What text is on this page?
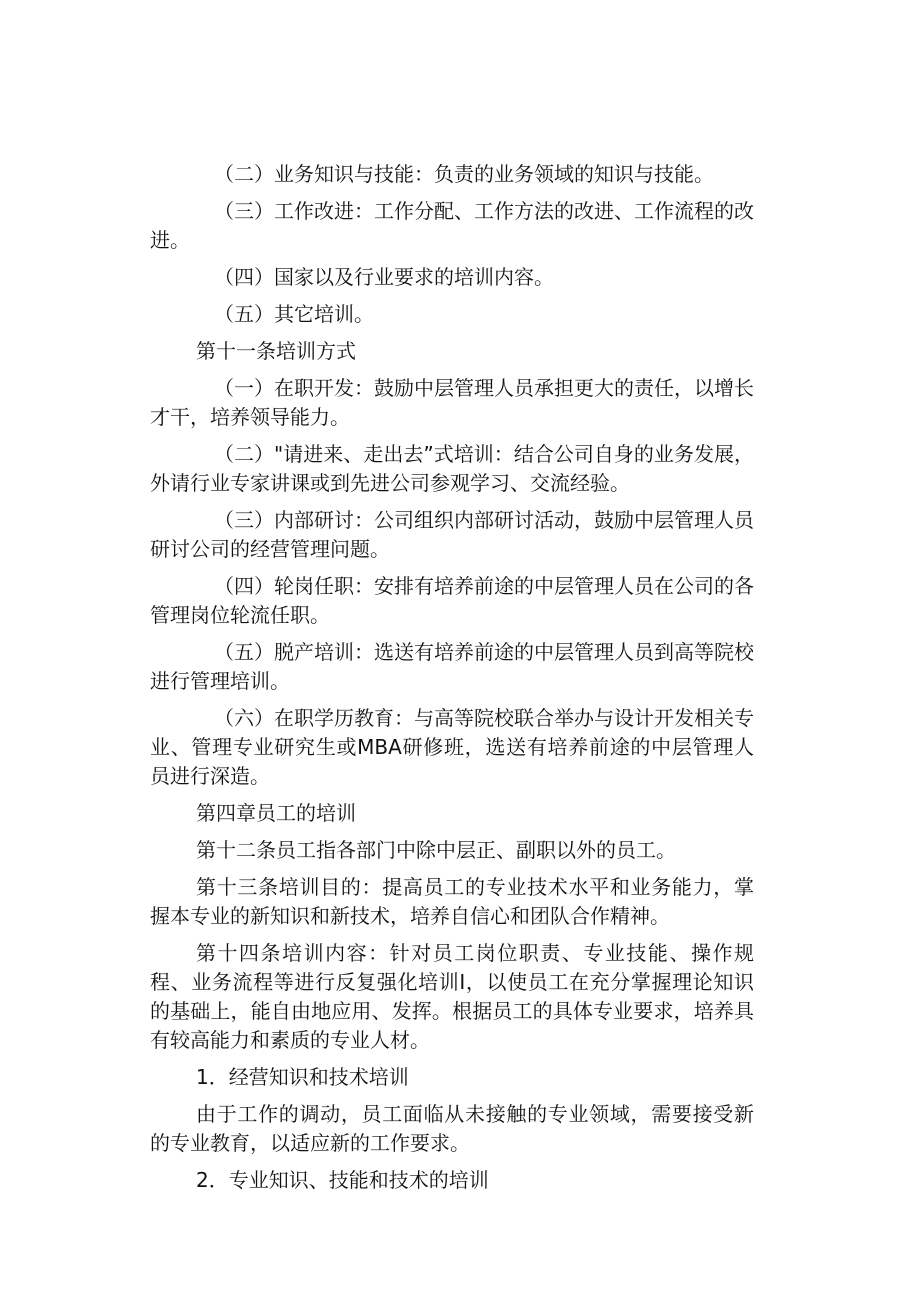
（二）业务知识与技能：负责的业务领域的知识与技能。

（三）工作改进：工作分配、工作方法的改进、工作流程的改进。

（四）国家以及行业要求的培训内容。

（五）其它培训。

第十一条培训方式

（一）在职开发：鼓励中层管理人员承担更大的责任，以增长才干，培养领导能力。

（二）"请进来、走出去”式培训：结合公司自身的业务发展，外请行业专家讲课或到先进公司参观学习、交流经验。

（三）内部研讨：公司组织内部研讨活动，鼓励中层管理人员研讨公司的经营管理问题。

（四）轮岗任职：安排有培养前途的中层管理人员在公司的各管理岗位轮流任职。

（五）脱产培训：选送有培养前途的中层管理人员到高等院校进行管理培训。

（六）在职学历教育：与高等院校联合举办与设计开发相关专业、管理专业研究生或MBA研修班，选送有培养前途的中层管理人员进行深造。

第四章员工的培训

第十二条员工指各部门中除中层正、副职以外的员工。

第十三条培训目的：提高员工的专业技术水平和业务能力，掌握本专业的新知识和新技术，培养自信心和团队合作精神。

第十四条培训内容：针对员工岗位职责、专业技能、操作规程、业务流程等进行反复强化培训I，以使员工在充分掌握理论知识的基础上，能自由地应用、发挥。根据员工的具体专业要求，培养具有较高能力和素质的专业人材。

1．经营知识和技术培训

由于工作的调动，员工面临从未接触的专业领域，需要接受新的专业教育，以适应新的工作要求。

2．专业知识、技能和技术的培训
